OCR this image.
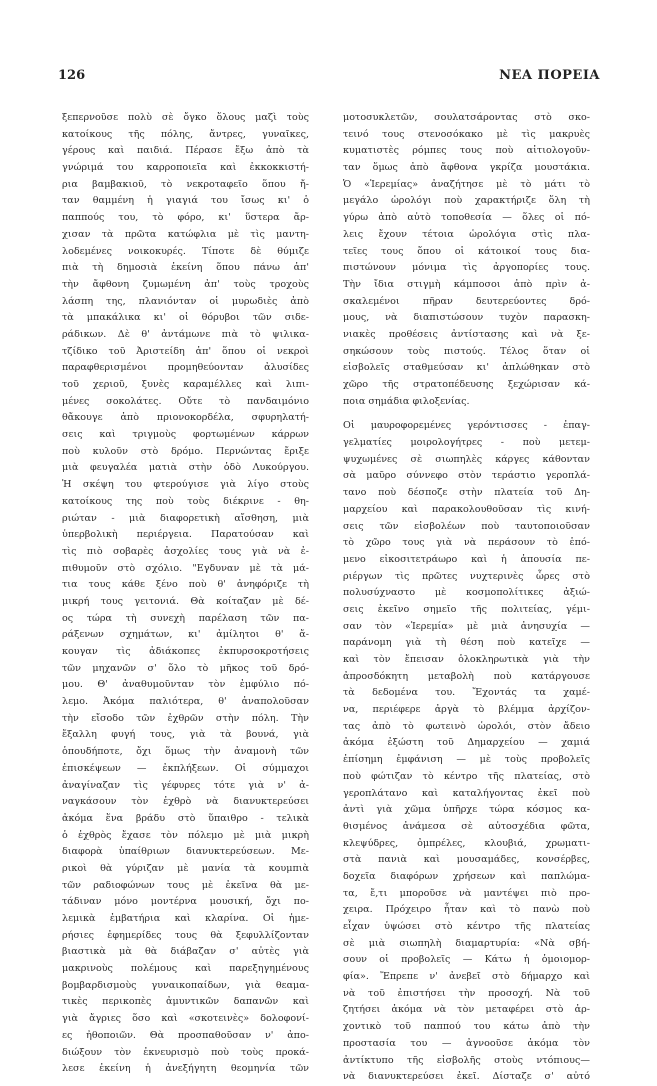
126	ΝΕΑ ΠΟΡΕΙΑ
ξεπερνοῦσε πολὺ σὲ ὄγκο ὅλους μαζὶ τοὺς
κατοίκους τῆς πόλης, ἄντρες, γυναῖκες,
γέρους καὶ παιδιά. Πέρασε ἔξω ἀπὸ τὰ
γνώριμά του καρροποιεῖα καὶ ἐκκοκκιστή-
ρια βαμβακιοῦ, τὸ νεκροταφεῖο ὅπου ἤ-
ταν θαμμένη ἡ γιαγιά του ἴσως κι' ὁ
παππούς του, τὸ φόρο, κι' ὕστερα ἄρ-
χισαν τὰ πρῶτα κατώφλια μὲ τὶς μαντη-
λοδεμένες νοικοκυρές. Τίποτε δὲ θύμιζε
πιὰ τὴ δημοσιὰ ἐκείνη ὅπου πάνω ἀπ'
τὴν ἄφθονη ζυμωμένη ἀπ' τοὺς τροχοὺς
λάσπη της, πλανιόνταν οἱ μυρωδιὲς ἀπὸ
τὰ μπακάλικα κι' οἱ θόρυβοι τῶν σιδε-
ράδικων. Δὲ θ' ἀντάμωνε πιὰ τὸ ψιλικα-
τζίδικο τοῦ Ἀριστείδη ἀπ' ὅπου οἱ νεκροὶ
παραφθερισμένοι προμηθεύονταν ἀλυσίδες
τοῦ χεριοῦ, ξυνὲς καραμέλλες καὶ λιπι-
μένες σοκολάτες. Οὔτε τὸ πανδαιμόνιο
θἄκουγε ἀπὸ πριονοκορδέλα, σφυρηλατή-
σεις καὶ τριγμοὺς φορτωμένων κάρρων
ποὺ κυλοῦν στὸ δρόμο. Περνώντας ἔριξε
μιὰ φευγαλέα ματιὰ στὴν ὁδὸ Λυκούργου.
Ἡ σκέψη του φτερούγισε γιὰ λίγο στοὺς
κατοίκους της ποὺ τοὺς διέκρινε - θη-
ριώταν - μιὰ διαφορετικὴ αἴσθηση, μιὰ
ὑπερβολικὴ περιέργεια. Παρατούσαν καὶ
τὶς πιὸ σοβαρὲς ἀσχολίες τους γιὰ νὰ ἐ-
πιθυμοῦν στὸ σχόλιο. "Εγδυναν μὲ τὰ μά-
τια τους κάθε ξένο ποὺ θ' ἀνηφόριζε τὴ
μικρή τους γειτονιά. Θὰ κοίταζαν μὲ δέ-
ος τώρα τὴ συνεχὴ παρέλαση τῶν πα-
ράξενων σχημάτων, κι' ἀμίλητοι θ' ἄ-
κουγαν τὶς ἀδιάκοπες ἐκπυρσοκροτήσεις
τῶν μηχανῶν σ' ὅλο τὸ μῆκος τοῦ δρό-
μου. Θ' ἀναθυμοῦνταν τὸν ἐμφύλιο πό-
λεμο. Ἀκόμα παλιότερα, θ' ἀναπολοῦσαν
τὴν εἴσοδο τῶν ἐχθρῶν στὴν πόλη. Τὴν
ἔξαλλη φυγή τους, γιὰ τὰ βουνά, γιὰ
ὁπουδήποτε, ὄχι ὅμως τὴν ἀναμονὴ τῶν
ἐπισκέψεων — ἐκπλήξεων. Οἱ σύμμαχοι
ἀναγίναζαν τὶς γέφυρες τότε γιὰ ν' ἀ-
ναγκάσουν τὸν ἐχθρὸ νὰ διανυκτερεύσει
ἀκόμα ἕνα βράδυ στὸ ὕπαιθρο - τελικὰ
ὁ ἐχθρὸς ἔχασε τὸν πόλεμο μὲ μιὰ μικρὴ
διαφορὰ ὑπαίθριων διανυκτερεύσεων. Με-
ρικοὶ θὰ γύριζαν μὲ μανία τὰ κουμπιὰ
τῶν ραδιοφώνων τους μὲ ἐκεῖνα θὰ με-
τάδιναν μόνο μοντέρνα μουσική, ὄχι πο-
λεμικὰ ἐμβατήρια καὶ κλαρίνα. Οἱ ἡμε-
ρήσιες ἐφημερίδες τους θὰ ξεφυλλίζονταν
βιαστικὰ μὰ θὰ διάβαζαν σ' αὐτὲς γιὰ
μακρινοὺς πολέμους καὶ παρεξηγημένους
βομβαρδισμοὺς γυναικοπαίδων, γιὰ θεαμα-
τικὲς περικοπὲς ἀμυντικῶν δαπανῶν καὶ
γιὰ ἄγριες ὅσο καὶ «σκοτεινὲς» δολοφονί-
ες ἠθοποιῶν. Θὰ προσπαθοῦσαν ν' ἀπο-
διώξουν τὸν ἐκνευρισμὸ ποὺ τοὺς προκά-
λεσε ἐκείνη ἡ ἀνεξήγητη θεομηνία τῶν
μοτοσυκλετῶν, σουλατσάροντας στὸ σκο-
τεινό τους στενοσόκακο μὲ τὶς μακρυὲς
κυματιστὲς ρόμπες τους ποὺ αἰτιολογοῦν-
ταν ὅμως ἀπὸ ἄφθονα γκρίζα μουστάκια.
Ὁ «Ἱερεμίας» ἀναζήτησε μὲ τὸ μάτι τὸ
μεγάλο ὡρολόγι ποὺ χαρακτήριζε ὅλη τὴ
γύρω ἀπὸ αὐτὸ τοποθεσία — ὅλες οἱ πό-
λεις ἔχουν τέτοια ὡρολόγια στὶς πλα-
τεῖες τους ὅπου οἱ κάτοικοί τους δια-
πιστώνουν μόνιμα τὶς ἀργοπορίες τους.
Τὴν ἴδια στιγμὴ κάμποσοι ἀπὸ πρὶν ἀ-
σκαλεμένοι πῆραν δευτερεύοντες δρό-
μους, νὰ διαπιστώσουν τυχὸν παρασκη-
νιακὲς προθέσεις ἀντίστασης καὶ νὰ ξε-
σηκώσουν τοὺς πιστούς. Τέλος ὅταν οἱ
εἰσβολεῖς σταθμεύσαν κι' ἀπλώθηκαν στὸ
χῶρο τῆς στρατοπέδευσης ξεχώρισαν κά-
ποια σημάδια φιλοξενίας.
Οἱ μαυροφορεμένες γερόντισσες - ἐπαγ-
γελματίες μοιρολογήτρες - ποὺ μετεμ-
ψυχωμένες σὲ σιωπηλὲς κάργες κάθονταν
σὰ μαῦρο σύννεφο στὸν τεράστιο γεροπλά-
τανο ποὺ δέσποζε στὴν πλατεία τοῦ Δη-
μαρχείου καὶ παρακολουθοῦσαν τὶς κινή-
σεις τῶν εἰσβολέων ποὺ ταυτοποιοῦσαν
τὸ χῶρο τους γιὰ νὰ περάσουν τὸ ἑπό-
μενο εἰκοσιτετράωρο καὶ ἡ ἀπουσία πε-
ριέργων τὶς πρῶτες νυχτερινὲς ὧρες στὸ
πολυσύχναστο μὲ κοσμοπολίτικες ἀξιώ-
σεις ἐκεῖνο σημεῖο τῆς πολιτείας, γέμι-
σαν τὸν «Ἱερεμία» μὲ μιὰ ἀνησυχία —
παράνομη γιὰ τὴ θέση ποὺ κατεῖχε —
καὶ τὸν ἔπεισαν ὁλοκληρωτικὰ γιὰ τὴν
ἀπροσδόκητη μεταβολὴ ποὺ κατάργουσε
τὰ δεδομένα του. Ἔχοντάς τα χαμέ-
να, περιέφερε ἀργὰ τὸ βλέμμα ἀρχίζον-
τας ἀπὸ τὸ φωτεινὸ ὡρολόι, στὸν ἄδειο
ἀκόμα ἐξώστη τοῦ Δημαρχείου — χαμιά
ἐπίσημη ἐμφάνιση — μὲ τοὺς προβολεῖς
ποὺ φώτιζαν τὸ κέντρο τῆς πλατείας, στὸ
γεροπλάτανο καὶ καταλήγοντας ἐκεῖ ποὺ
ἀντὶ γιὰ χῶμα ὑπῆρχε τώρα κόσμος κα-
θισμένος ἀνάμεσα σὲ αὐτοσχέδια φῶτα,
κλεψύδρες, ὀμπρέλες, κλουβιά, χρωματι-
στὰ πανιὰ καὶ μουσαμάδες, κονσέρβες,
δοχεῖα διαφόρων χρήσεων καὶ παπλώμα-
τα, ἔ,τι μποροῦσε νὰ μαντέψει πιὸ προ-
χειρα. Πρόχειρο ἦταν καὶ τὸ πανὼ ποὺ
εἶχαν ὑψώσει στὸ κέντρο τῆς πλατείας
σὲ μιὰ σιωπηλὴ διαμαρτυρία: «Νὰ σβή-
σουν οἱ προβολεῖς — Κάτω ἡ ὁμοιομορ-
φία». Ἔπρεπε ν' ἀνεβεῖ στὸ δήμαρχο καὶ
νὰ τοῦ ἐπιστήσει τὴν προσοχή. Νὰ τοῦ
ζητήσει ἀκόμα νὰ τὸν μεταφέρει στὸ ἀρ-
χοντικὸ τοῦ παππού του κάτω ἀπὸ τὴν
προστασία του — ἀγνοοῦσε ἀκόμα τὸν
ἀντίκτυπο τῆς εἰσβολῆς στοὺς ντόπιους—
νὰ διανυκτερεύσει ἐκεῖ. Δίσταζε σ' αὐτό
